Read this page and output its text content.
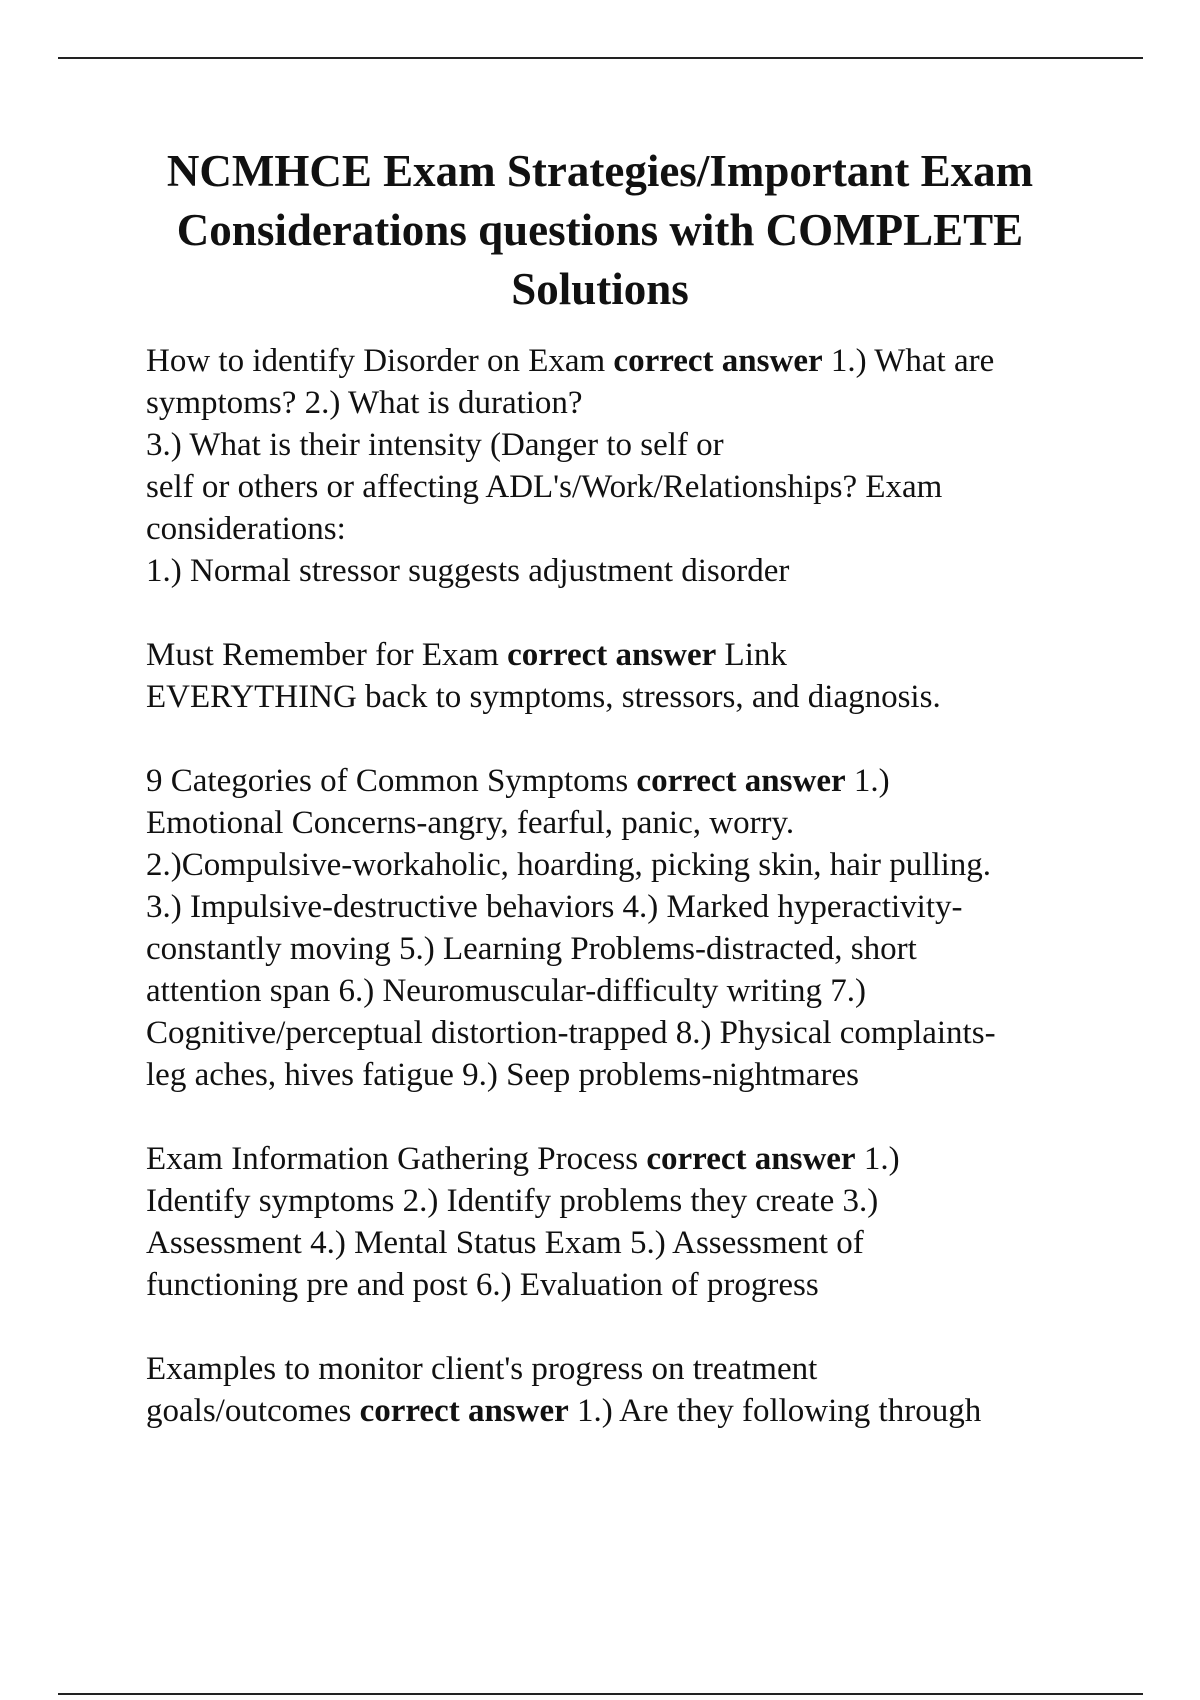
NCMHCE Exam Strategies/Important Exam
Considerations questions with COMPLETE
Solutions

How to identify Disorder on Exam correct answer 1.) What are
symptoms? 2.) What is duration?
3.) What is their intensity (Danger to self or
self or others or affecting ADL's/Work/Relationships? Exam
considerations:
1.) Normal stressor suggests adjustment disorder

Must Remember for Exam correct answer Link
EVERYTHING back to symptoms, stressors, and diagnosis.

9 Categories of Common Symptoms correct answer 1.)
Emotional Concerns-angry, fearful, panic, worry.
2.)Compulsive-workaholic, hoarding, picking skin, hair pulling.
3.) Impulsive-destructive behaviors 4.) Marked hyperactivity-
constantly moving 5.) Learning Problems-distracted, short
attention span 6.) Neuromuscular-difficulty writing 7.)
Cognitive/perceptual distortion-trapped 8.) Physical complaints-
leg aches, hives fatigue 9.) Seep problems-nightmares

Exam Information Gathering Process correct answer 1.)
Identify symptoms 2.) Identify problems they create 3.)
Assessment 4.) Mental Status Exam 5.) Assessment of
functioning pre and post 6.) Evaluation of progress

Examples to monitor client's progress on treatment
goals/outcomes correct answer 1.) Are they following through
